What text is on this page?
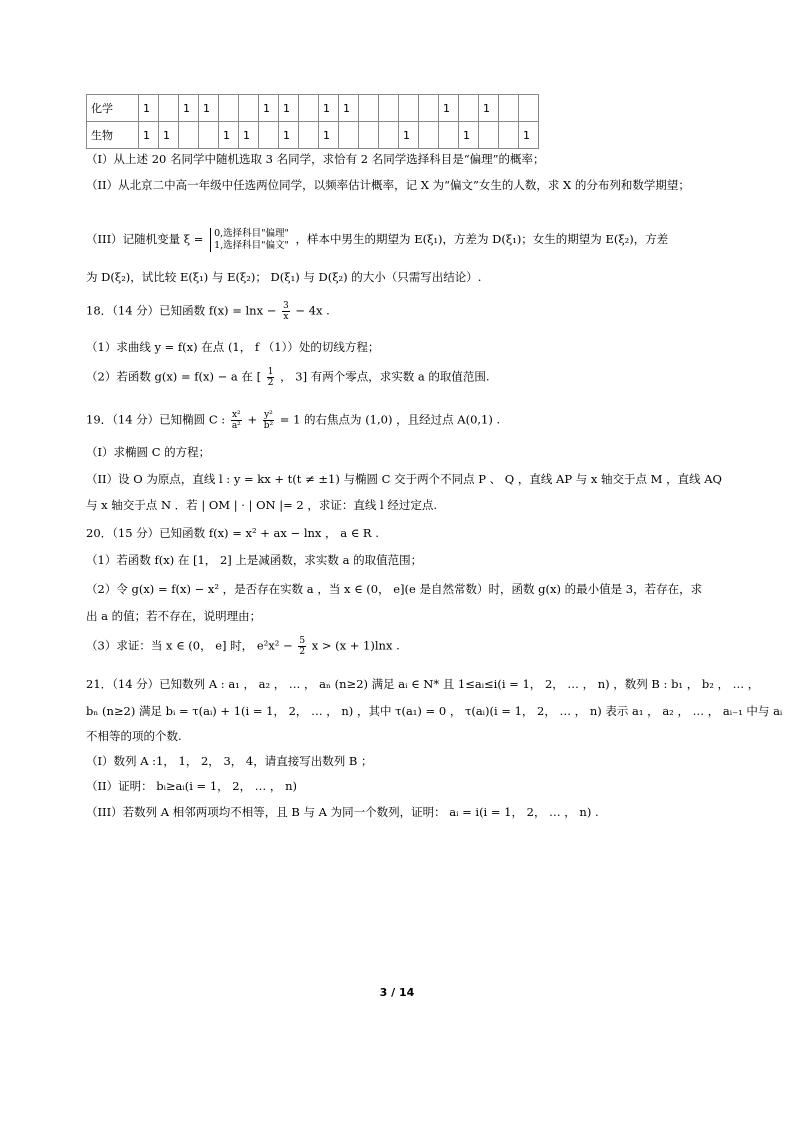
化学	1		1	1			1	1		1	1					1		1		
生物	1	1			1	1		1		1				1			1			1
（I）从上述 20 名同学中随机选取 3 名同学，求恰有 2 名同学选择科目是“偏理”的概率；
（II）从北京二中高一年级中任选两位同学，以频率估计概率，记 X 为“偏文”女生的人数，求 X 的分布列和数学期望；
（III）记随机变量 ξ = 0,选择科目"偏理"
1,选择科目"偏文" ，样本中男生的期望为 E(ξ₁)，方差为 D(ξ₁)；女生的期望为 E(ξ₂)，方差
为 D(ξ₂)，试比较 E(ξ₁) 与 E(ξ₂)； D(ξ₁) 与 D(ξ₂) 的大小（只需写出结论）.
18．（14 分）已知函数 $f(x) = \ln x - \frac{3}{x} - 4x$ .
（1）求曲线 y = f(x) 在点 (1， f （1））处的切线方程；
（2）若函数 g(x) = f(x) − a 在 [ $\frac{1}{2}$ ， 3] 有两个零点，求实数 a 的取值范围.
19．（14 分）已知椭圆 C : $\frac{\text{x²}}{\text{a²}} + \frac{\text{y²}}{\text{b²}} = 1$ 的右焦点为 (1,0) ，且经过点 A(0,1) .
（I）求椭圆 C 的方程；
（II）设 O 为原点，直线 l : y = kx + t(t ≠ ±1) 与椭圆 C 交于两个不同点 P 、 Q ，直线 AP 与 x 轴交于点 M ，直线 AQ
与 x 轴交于点 N ．若 | OM | · | ON |= 2 ，求证：直线 l 经过定点.
20．（15 分）已知函数 f(x) = x² + ax − lnx ， a ∈ R .
（1）若函数 f(x) 在 [1， 2] 上是减函数，求实数 a 的取值范围；
（2）令 g(x) = f(x) − x² ，是否存在实数 a ，当 x ∈ (0， e](e 是自然常数）时，函数 g(x) 的最小值是 3，若存在，求
出 a 的值；若不存在，说明理由；
（3）求证：当 x ∈ (0， e] 时， $e^2x^2 - \frac{5}{2}$ x > (x + 1)lnx .
21．（14 分）已知数列 A : a₁ ， a₂ ， … ， aₙ (n≥2) 满足 aᵢ ∈ N* 且 1≤aᵢ≤i(i = 1， 2， … ， n) ，数列 B : b₁ ， b₂ ， … ，
bₙ (n≥2) 满足 bᵢ = τ(aᵢ) + 1(i = 1， 2， … ， n) ，其中 τ(a₁) = 0 ， τ(aᵢ)(i = 1， 2， … ， n) 表示 a₁ ， a₂ ， … ， aᵢ₋₁ 中与 aᵢ
不相等的项的个数.
（I）数列 A :1， 1， 2， 3， 4，请直接写出数列 B ；
（II）证明： bᵢ≥aᵢ(i = 1， 2， … ， n)
（III）若数列 A 相邻两项均不相等，且 B 与 A 为同一个数列，证明： aᵢ = i(i = 1， 2， … ， n) .
3 / 14
